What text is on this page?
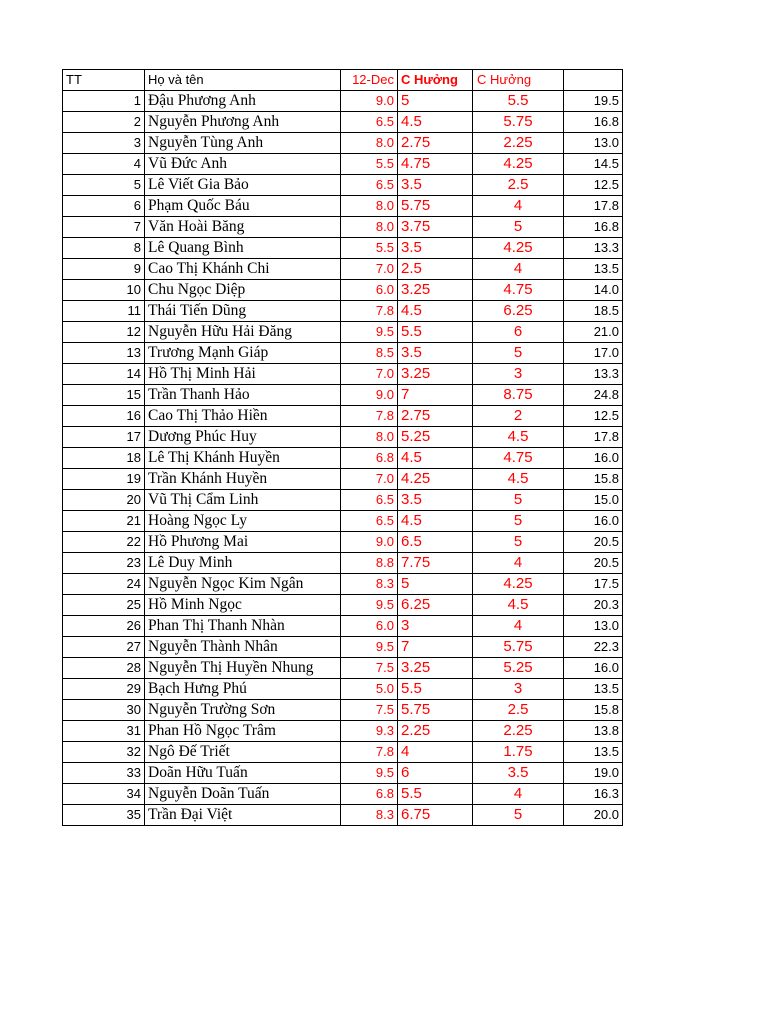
TT	Họ và tên	12-Dec	C Hưởng	C Hưởng	
1	Đậu Phương Anh	9.0	5	5.5	19.5
2	Nguyễn Phương Anh	6.5	4.5	5.75	16.8
3	Nguyễn Tùng Anh	8.0	2.75	2.25	13.0
4	Vũ Đức Anh	5.5	4.75	4.25	14.5
5	Lê Viết Gia Bảo	6.5	3.5	2.5	12.5
6	Phạm Quốc Báu	8.0	5.75	4	17.8
7	Văn Hoài Băng	8.0	3.75	5	16.8
8	Lê Quang Bình	5.5	3.5	4.25	13.3
9	Cao Thị Khánh Chi	7.0	2.5	4	13.5
10	Chu Ngọc Diệp	6.0	3.25	4.75	14.0
11	Thái Tiến Dũng	7.8	4.5	6.25	18.5
12	Nguyễn Hữu Hải Đăng	9.5	5.5	6	21.0
13	Trương Mạnh Giáp	8.5	3.5	5	17.0
14	Hồ Thị Minh Hải	7.0	3.25	3	13.3
15	Trần Thanh Hảo	9.0	7	8.75	24.8
16	Cao Thị Thảo Hiền	7.8	2.75	2	12.5
17	Dương Phúc Huy	8.0	5.25	4.5	17.8
18	Lê Thị Khánh Huyền	6.8	4.5	4.75	16.0
19	Trần Khánh Huyền	7.0	4.25	4.5	15.8
20	Vũ Thị Cẩm Linh	6.5	3.5	5	15.0
21	Hoàng Ngọc Ly	6.5	4.5	5	16.0
22	Hồ Phương Mai	9.0	6.5	5	20.5
23	Lê Duy Minh	8.8	7.75	4	20.5
24	Nguyễn Ngọc Kim Ngân	8.3	5	4.25	17.5
25	Hồ Minh Ngọc	9.5	6.25	4.5	20.3
26	Phan Thị Thanh Nhàn	6.0	3	4	13.0
27	Nguyễn Thành Nhân	9.5	7	5.75	22.3
28	Nguyễn Thị Huyền Nhung	7.5	3.25	5.25	16.0
29	Bạch Hưng Phú	5.0	5.5	3	13.5
30	Nguyễn Trường Sơn	7.5	5.75	2.5	15.8
31	Phan Hồ Ngọc Trâm	9.3	2.25	2.25	13.8
32	Ngô Đế Triết	7.8	4	1.75	13.5
33	Doãn Hữu Tuấn	9.5	6	3.5	19.0
34	Nguyễn Doãn Tuấn	6.8	5.5	4	16.3
35	Trần Đại Việt	8.3	6.75	5	20.0
